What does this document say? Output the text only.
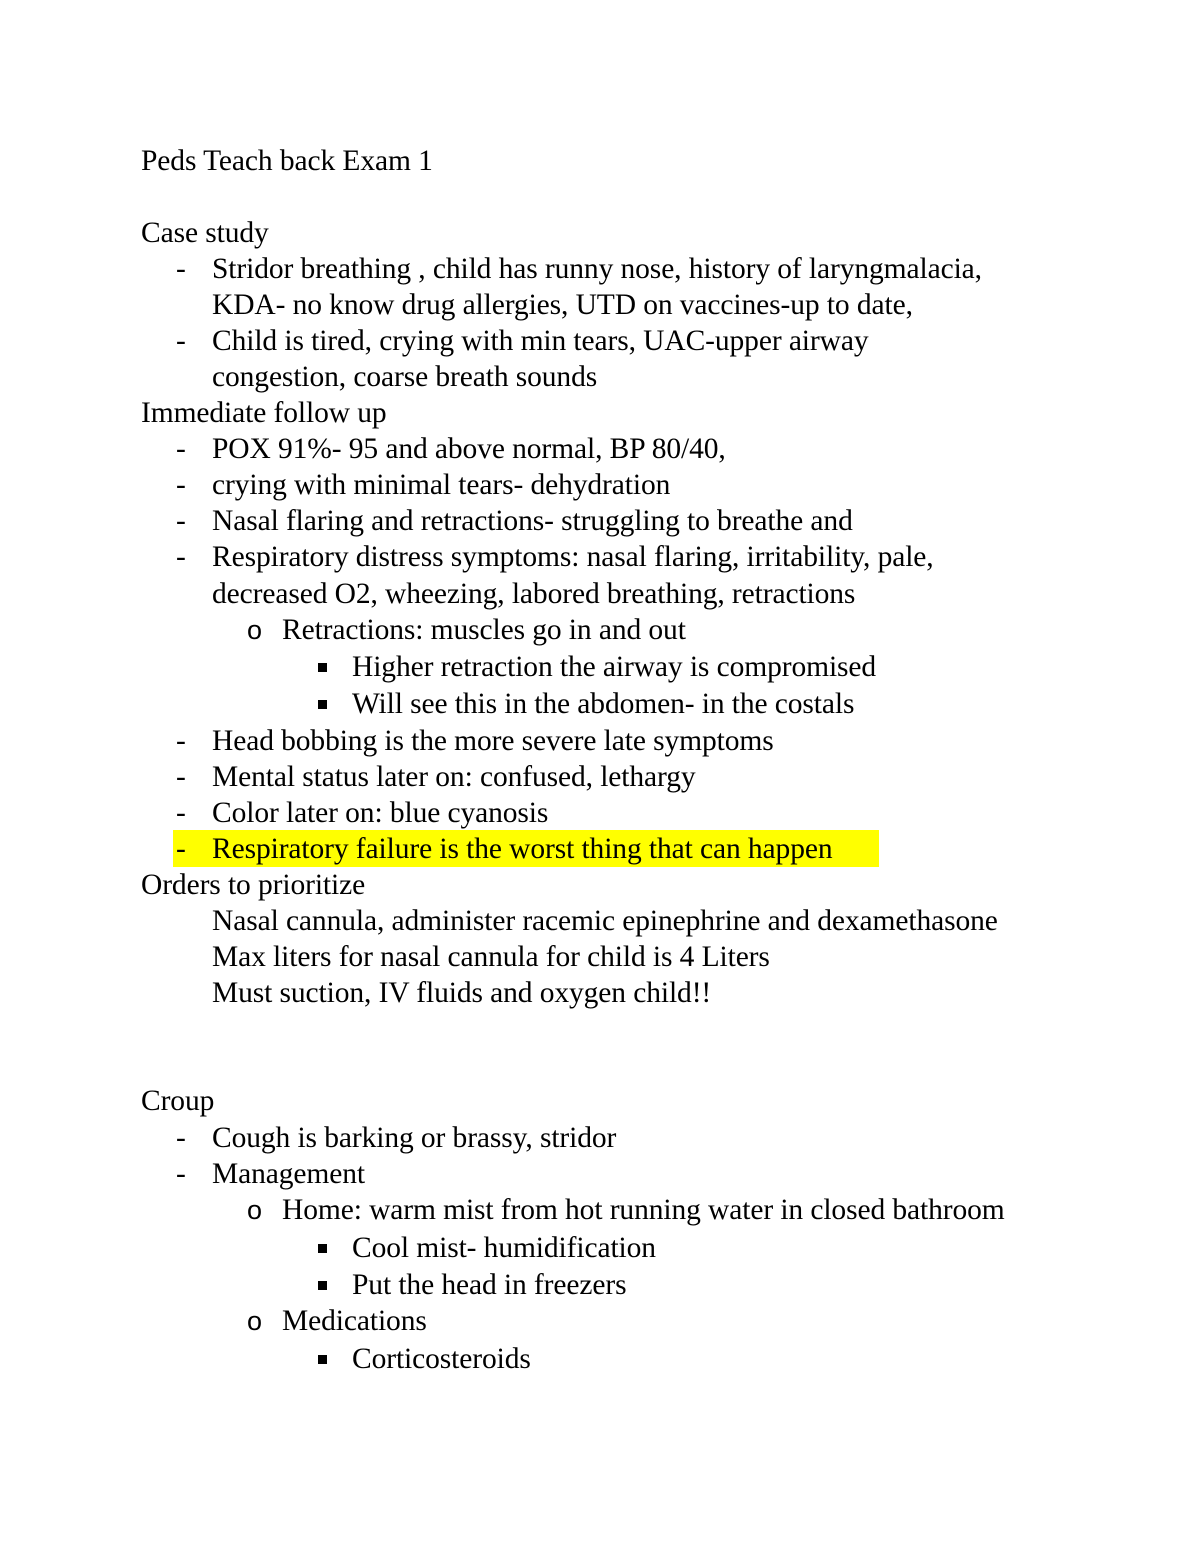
Peds Teach back Exam 1
Case study
- Stridor breathing , child has runny nose, history of laryngmalacia,
KDA- no know drug allergies, UTD on vaccines-up to date,
- Child is tired, crying with min tears, UAC-upper airway
congestion, coarse breath sounds
Immediate follow up
- POX 91%- 95 and above normal, BP 80/40,
- crying with minimal tears- dehydration
- Nasal flaring and retractions- struggling to breathe and
- Respiratory distress symptoms: nasal flaring, irritability, pale,
decreased O2, wheezing, labored breathing, retractions
o Retractions: muscles go in and out
Higher retraction the airway is compromised
Will see this in the abdomen- in the costals
- Head bobbing is the more severe late symptoms
- Mental status later on: confused, lethargy
- Color later on: blue cyanosis
- Respiratory failure is the worst thing that can happen
Orders to prioritize
Nasal cannula, administer racemic epinephrine and dexamethasone
Max liters for nasal cannula for child is 4 Liters
Must suction, IV fluids and oxygen child!!
Croup
- Cough is barking or brassy, stridor
- Management
o Home: warm mist from hot running water in closed bathroom
Cool mist- humidification
Put the head in freezers
o Medications
Corticosteroids
